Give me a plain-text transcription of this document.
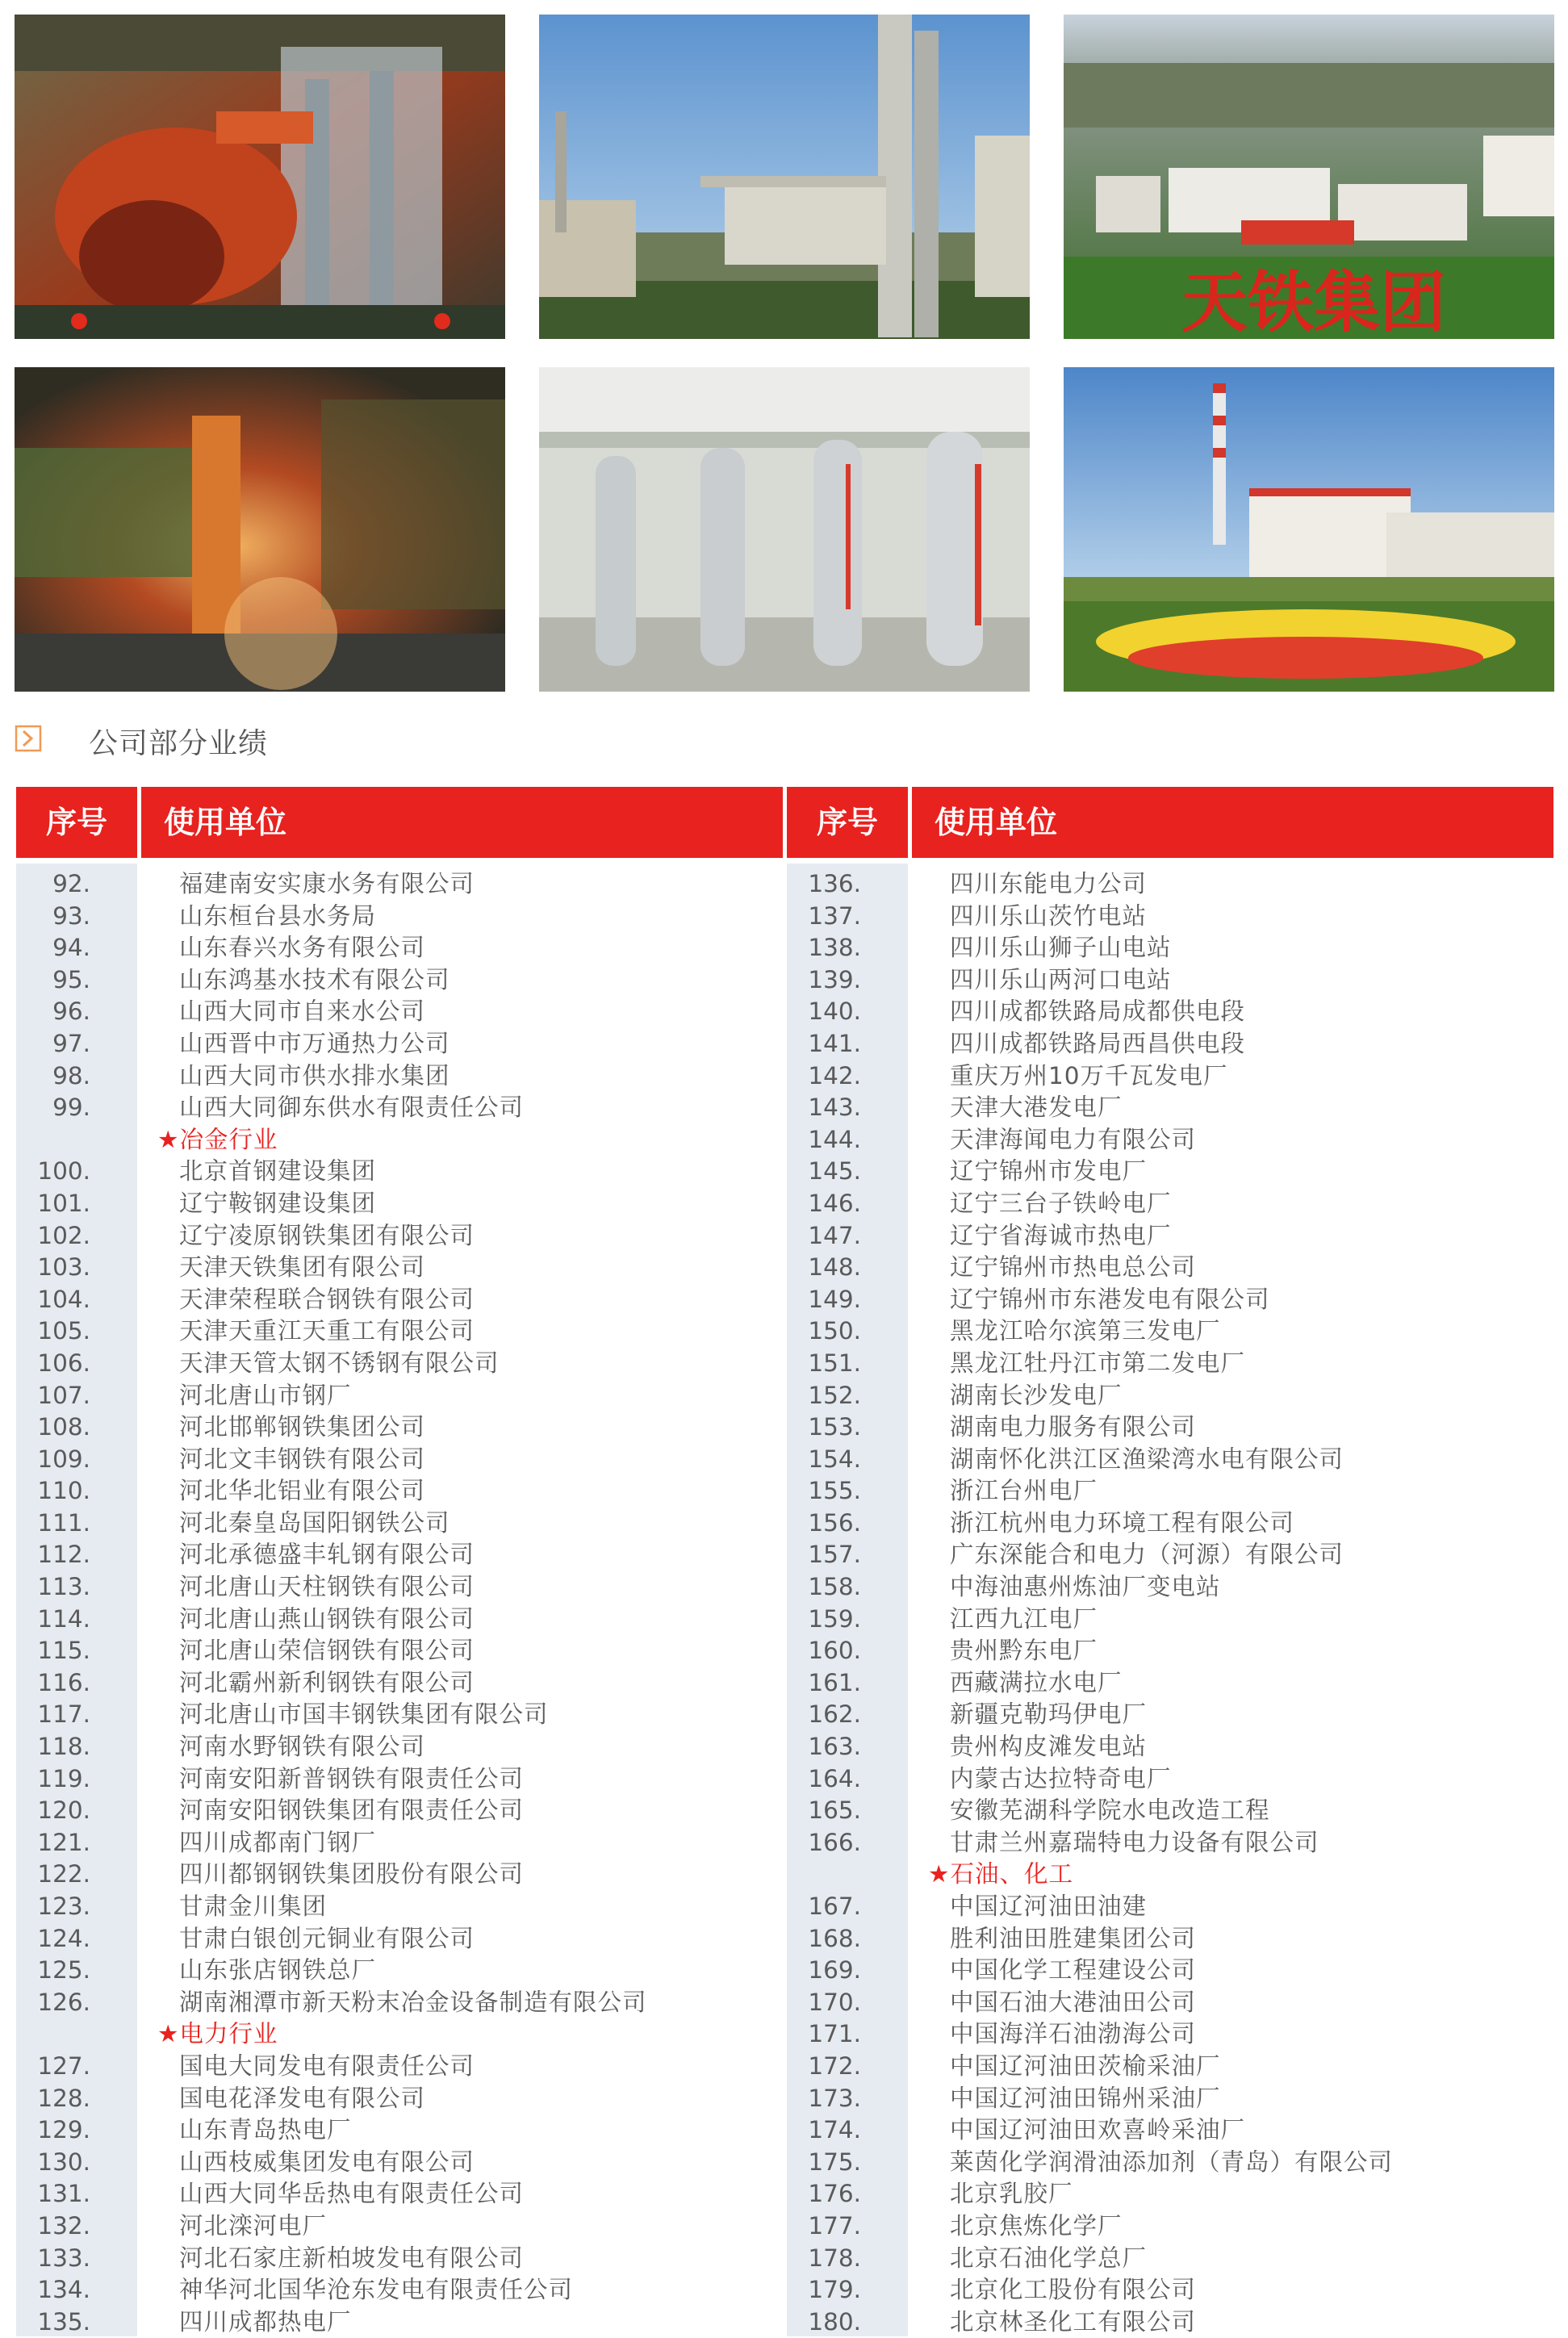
天铁集团
公司部分业绩
序号	使用单位
92.	福建南安实康水务有限公司
93.	山东桓台县水务局
94.	山东春兴水务有限公司
95.	山东鸿基水技术有限公司
96.	山西大同市自来水公司
97.	山西晋中市万通热力公司
98.	山西大同市供水排水集团
99.	山西大同御东供水有限责任公司
★冶金行业
100.	北京首钢建设集团
101.	辽宁鞍钢建设集团
102.	辽宁凌原钢铁集团有限公司
103.	天津天铁集团有限公司
104.	天津荣程联合钢铁有限公司
105.	天津天重江天重工有限公司
106.	天津天管太钢不锈钢有限公司
107.	河北唐山市钢厂
108.	河北邯郸钢铁集团公司
109.	河北文丰钢铁有限公司
110.	河北华北铝业有限公司
111.	河北秦皇岛国阳钢铁公司
112.	河北承德盛丰轧钢有限公司
113.	河北唐山天柱钢铁有限公司
114.	河北唐山燕山钢铁有限公司
115.	河北唐山荣信钢铁有限公司
116.	河北霸州新利钢铁有限公司
117.	河北唐山市国丰钢铁集团有限公司
118.	河南水野钢铁有限公司
119.	河南安阳新普钢铁有限责任公司
120.	河南安阳钢铁集团有限责任公司
121.	四川成都南门钢厂
122.	四川都钢钢铁集团股份有限公司
123.	甘肃金川集团
124.	甘肃白银创元铜业有限公司
125.	山东张店钢铁总厂
126.	湖南湘潭市新天粉末冶金设备制造有限公司
★电力行业
127.	国电大同发电有限责任公司
128.	国电花泽发电有限公司
129.	山东青岛热电厂
130.	山西枝威集团发电有限公司
131.	山西大同华岳热电有限责任公司
132.	河北滦河电厂
133.	河北石家庄新柏坡发电有限公司
134.	神华河北国华沧东发电有限责任公司
135.	四川成都热电厂
序号	使用单位
136.	四川东能电力公司
137.	四川乐山茨竹电站
138.	四川乐山狮子山电站
139.	四川乐山两河口电站
140.	四川成都铁路局成都供电段
141.	四川成都铁路局西昌供电段
142.	重庆万州10万千瓦发电厂
143.	天津大港发电厂
144.	天津海闻电力有限公司
145.	辽宁锦州市发电厂
146.	辽宁三台子铁岭电厂
147.	辽宁省海诚市热电厂
148.	辽宁锦州市热电总公司
149.	辽宁锦州市东港发电有限公司
150.	黑龙江哈尔滨第三发电厂
151.	黑龙江牡丹江市第二发电厂
152.	湖南长沙发电厂
153.	湖南电力服务有限公司
154.	湖南怀化洪江区渔梁湾水电有限公司
155.	浙江台州电厂
156.	浙江杭州电力环境工程有限公司
157.	广东深能合和电力（河源）有限公司
158.	中海油惠州炼油厂变电站
159.	江西九江电厂
160.	贵州黔东电厂
161.	西藏满拉水电厂
162.	新疆克勒玛伊电厂
163.	贵州构皮滩发电站
164.	内蒙古达拉特奇电厂
165.	安徽芜湖科学院水电改造工程
166.	甘肃兰州嘉瑞特电力设备有限公司
★石油、化工
167.	中国辽河油田油建
168.	胜利油田胜建集团公司
169.	中国化学工程建设公司
170.	中国石油大港油田公司
171.	中国海洋石油渤海公司
172.	中国辽河油田茨榆采油厂
173.	中国辽河油田锦州采油厂
174.	中国辽河油田欢喜岭采油厂
175.	莱茵化学润滑油添加剂（青岛）有限公司
176.	北京乳胶厂
177.	北京焦炼化学厂
178.	北京石油化学总厂
179.	北京化工股份有限公司
180.	北京林圣化工有限公司
